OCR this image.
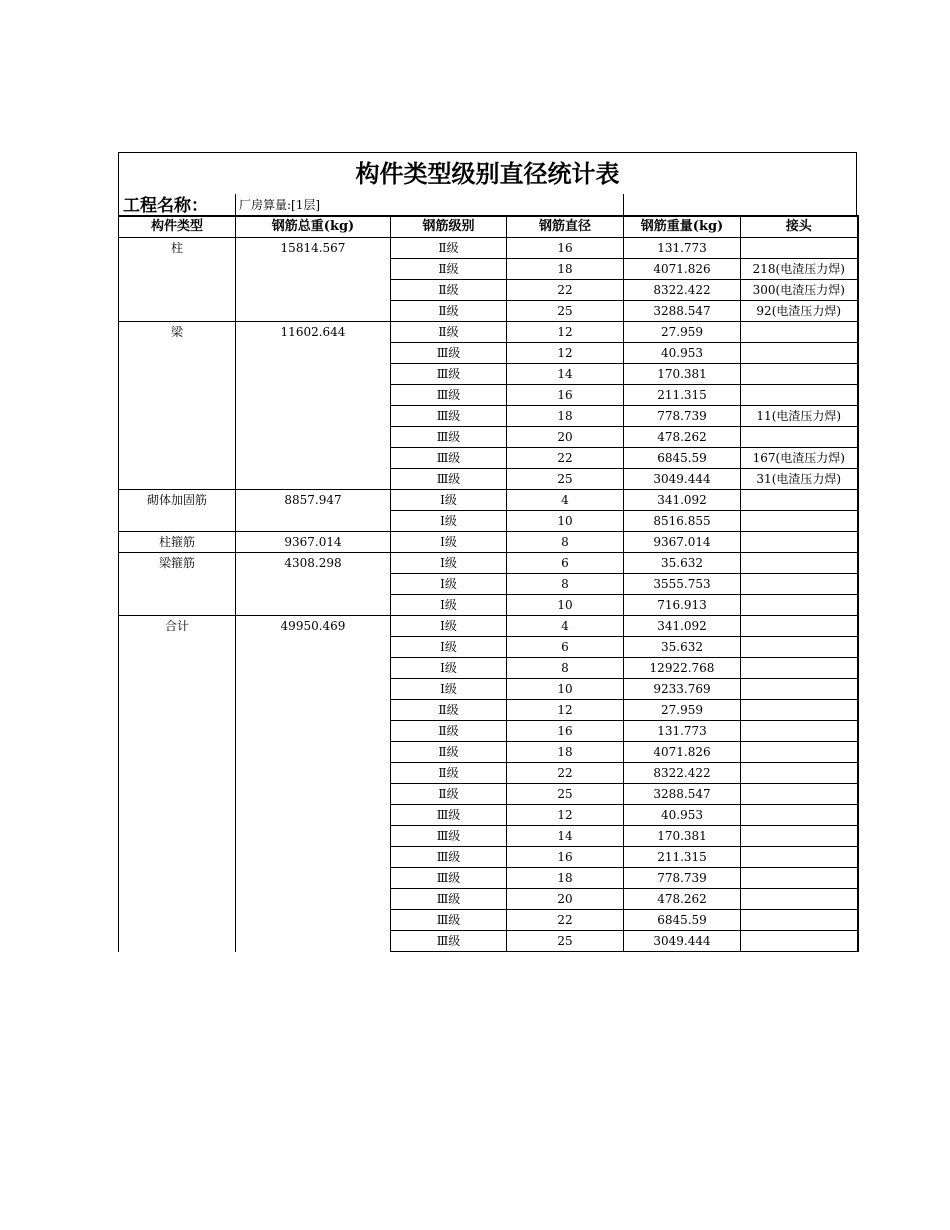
构件类型级别直径统计表
工程名称：	厂房算量:[1层]
构件类型	钢筋总重(kg)	钢筋级别	钢筋直径	钢筋重量(kg)	接头
柱	15814.567	Ⅱ级	16	131.773	
		Ⅱ级	18	4071.826	218(电渣压力焊)
		Ⅱ级	22	8322.422	300(电渣压力焊)
		Ⅱ级	25	3288.547	92(电渣压力焊)
梁	11602.644	Ⅱ级	12	27.959	
		Ⅲ级	12	40.953	
		Ⅲ级	14	170.381	
		Ⅲ级	16	211.315	
		Ⅲ级	18	778.739	11(电渣压力焊)
		Ⅲ级	20	478.262	
		Ⅲ级	22	6845.59	167(电渣压力焊)
		Ⅲ级	25	3049.444	31(电渣压力焊)
砌体加固筋	8857.947	Ⅰ级	4	341.092	
		Ⅰ级	10	8516.855	
柱箍筋	9367.014	Ⅰ级	8	9367.014	
梁箍筋	4308.298	Ⅰ级	6	35.632	
		Ⅰ级	8	3555.753	
		Ⅰ级	10	716.913	
合计	49950.469	Ⅰ级	4	341.092	
		Ⅰ级	6	35.632	
		Ⅰ级	8	12922.768	
		Ⅰ级	10	9233.769	
		Ⅱ级	12	27.959	
		Ⅱ级	16	131.773	
		Ⅱ级	18	4071.826	
		Ⅱ级	22	8322.422	
		Ⅱ级	25	3288.547	
		Ⅲ级	12	40.953	
		Ⅲ级	14	170.381	
		Ⅲ级	16	211.315	
		Ⅲ级	18	778.739	
		Ⅲ级	20	478.262	
		Ⅲ级	22	6845.59	
		Ⅲ级	25	3049.444	
